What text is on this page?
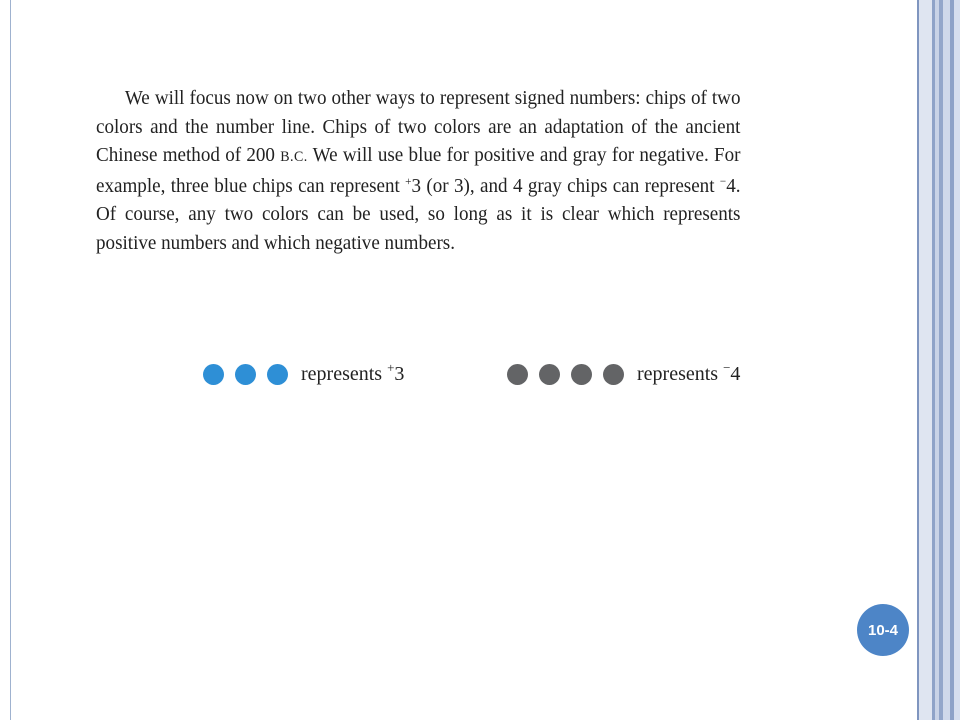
We will focus now on two other ways to represent signed numbers: chips of two colors and the number line. Chips of two colors are an adaptation of the ancient Chinese method of 200 B.C. We will use blue for positive and gray for negative. For example, three blue chips can represent +3 (or 3), and 4 gray chips can represent −4. Of course, any two colors can be used, so long as it is clear which represents positive numbers and which negative numbers.
represents +3	represents −4
10-4
